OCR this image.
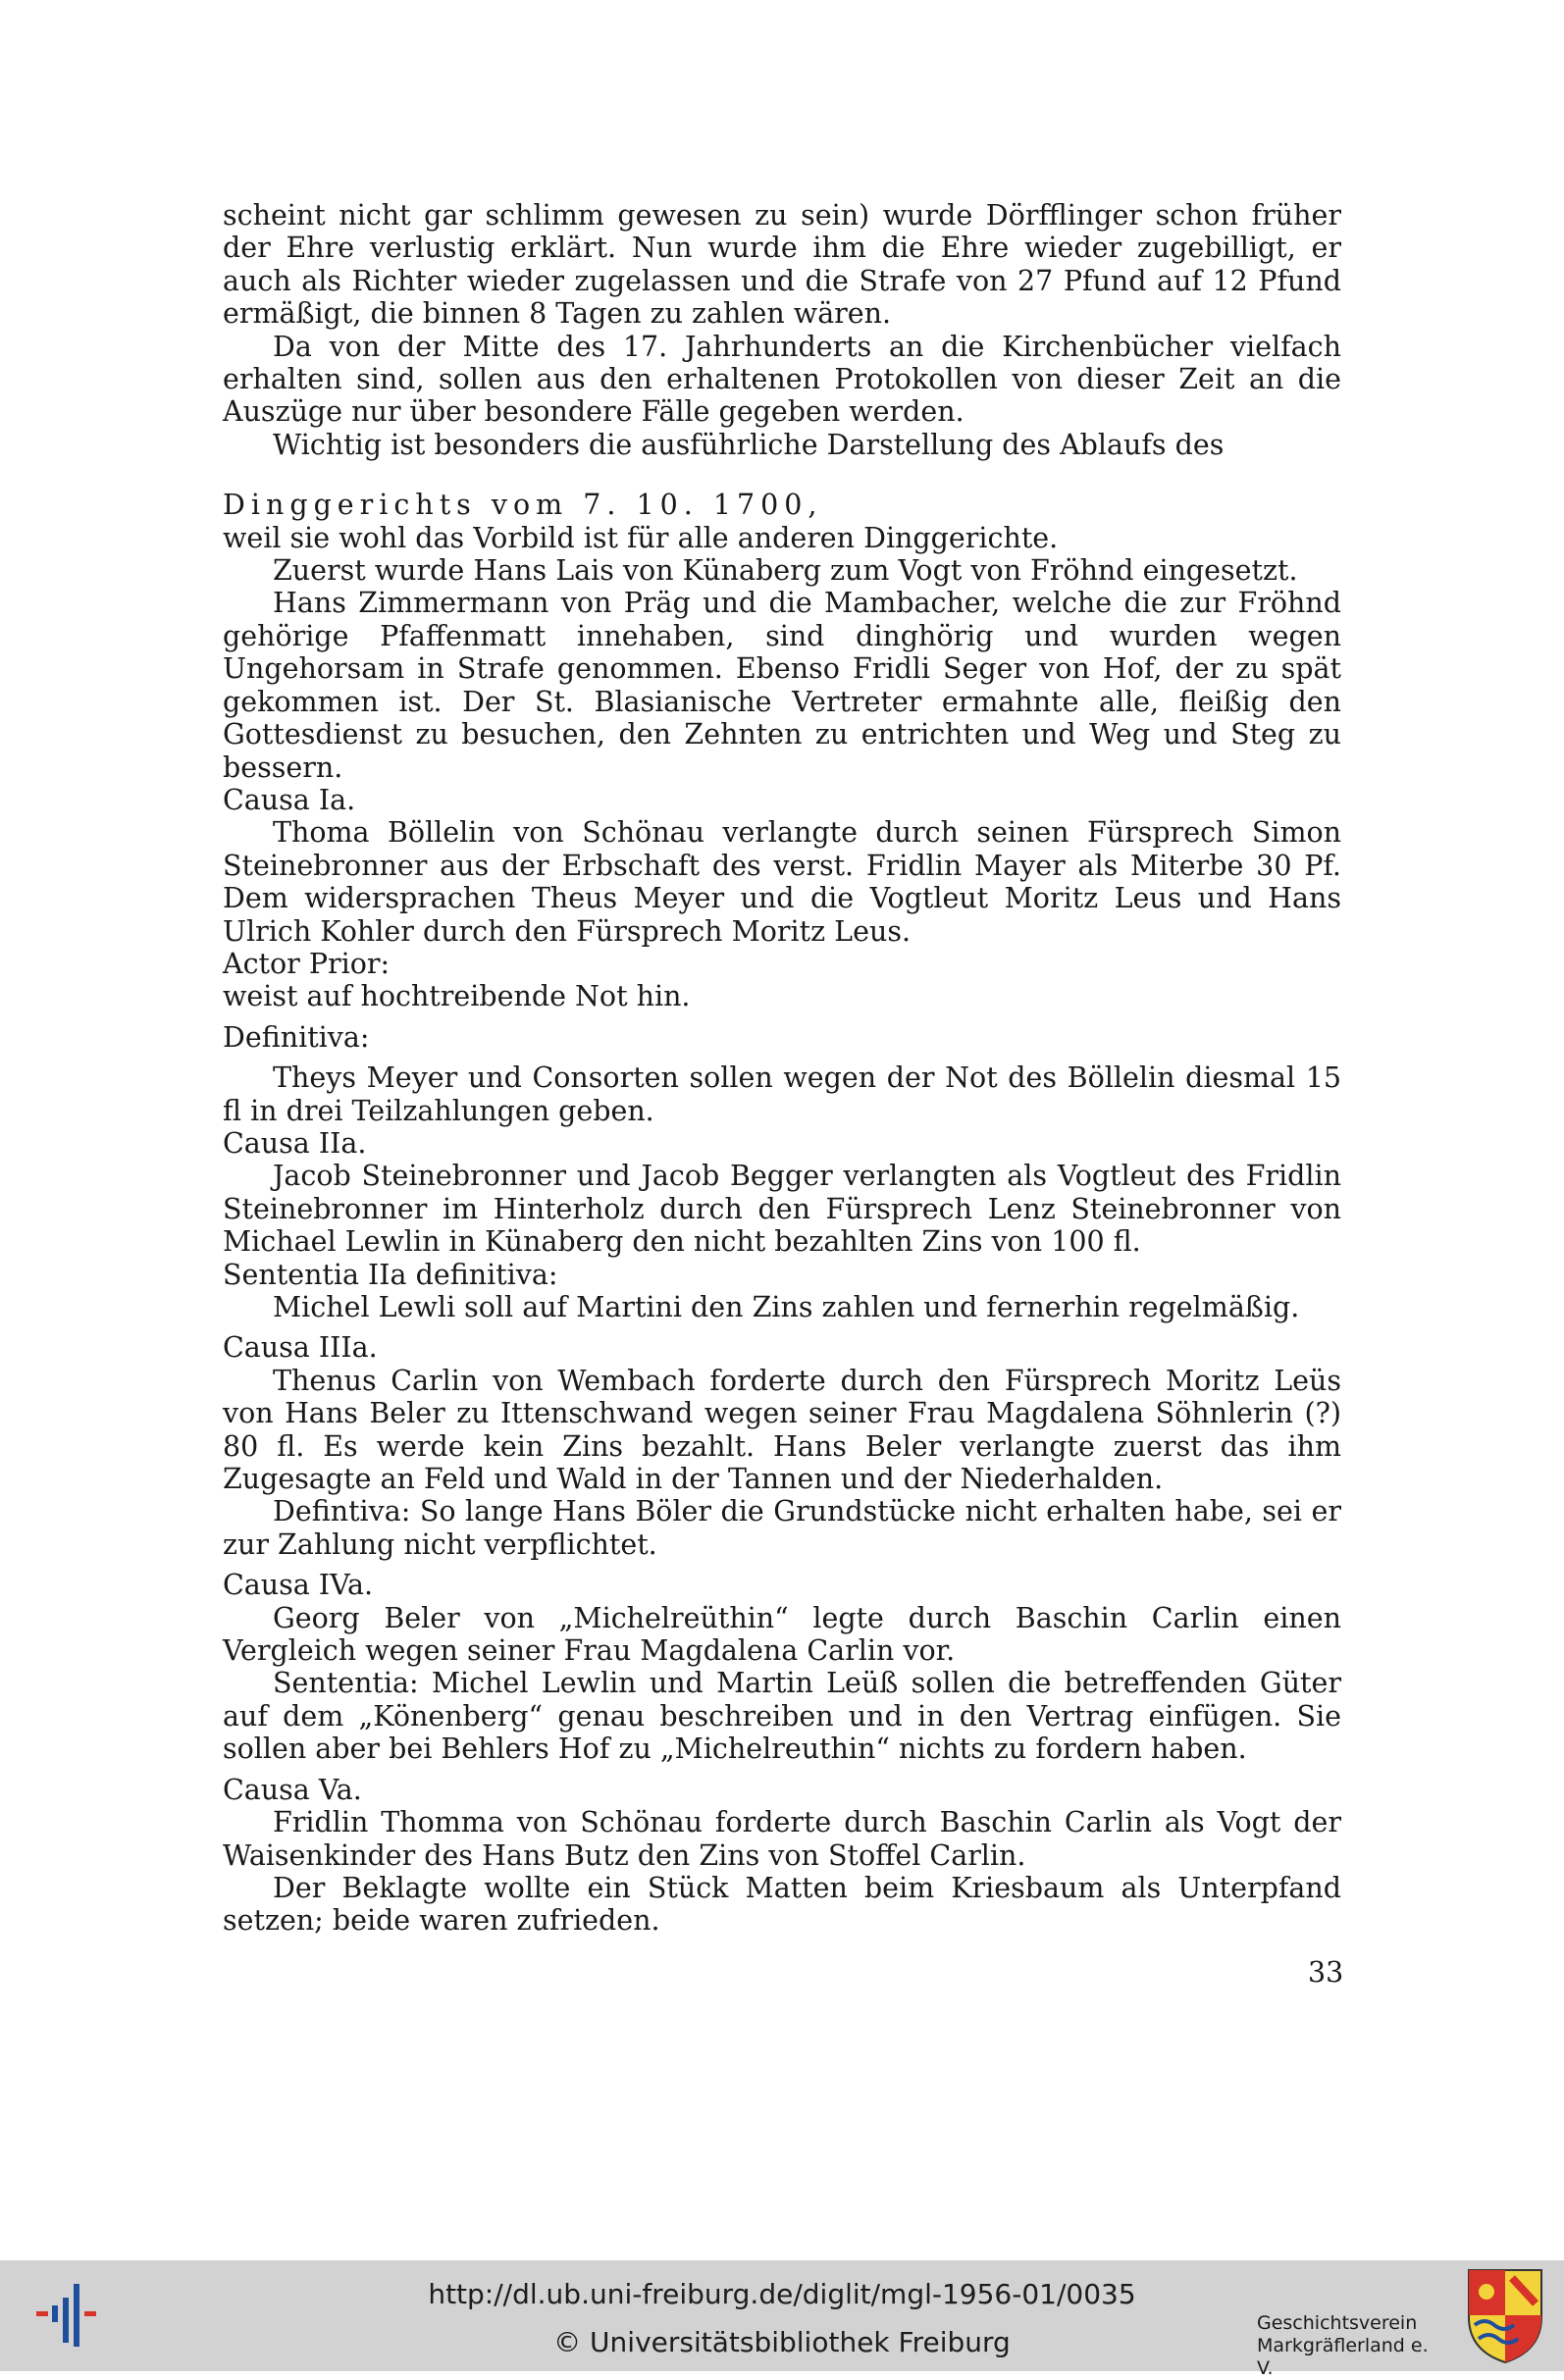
scheint nicht gar schlimm gewesen zu sein) wurde Dörfflinger schon früher der Ehre verlustig erklärt. Nun wurde ihm die Ehre wieder zugebilligt, er auch als Richter wieder zugelassen und die Strafe von 27 Pfund auf 12 Pfund ermäßigt, die binnen 8 Tagen zu zahlen wären.

Da von der Mitte des 17. Jahrhunderts an die Kirchenbücher vielfach erhalten sind, sollen aus den erhaltenen Protokollen von dieser Zeit an die Auszüge nur über besondere Fälle gegeben werden.

Wichtig ist besonders die ausführliche Darstellung des Ablaufs des

Dinggerichts vom 7. 10. 1700,

weil sie wohl das Vorbild ist für alle anderen Dinggerichte.

Zuerst wurde Hans Lais von Künaberg zum Vogt von Fröhnd eingesetzt.

Hans Zimmermann von Präg und die Mambacher, welche die zur Fröhnd gehörige Pfaffenmatt innehaben, sind dinghörig und wurden wegen Ungehorsam in Strafe genommen. Ebenso Fridli Seger von Hof, der zu spät gekommen ist. Der St. Blasianische Vertreter ermahnte alle, fleißig den Gottesdienst zu besuchen, den Zehnten zu entrichten und Weg und Steg zu bessern.

Causa Ia.

Thoma Böllelin von Schönau verlangte durch seinen Fürsprech Simon Steinebronner aus der Erbschaft des verst. Fridlin Mayer als Miterbe 30 Pf. Dem widersprachen Theus Meyer und die Vogtleut Moritz Leus und Hans Ulrich Kohler durch den Fürsprech Moritz Leus.

Actor Prior:

weist auf hochtreibende Not hin.

Definitiva:

Theys Meyer und Consorten sollen wegen der Not des Böllelin diesmal 15 fl in drei Teilzahlungen geben.

Causa IIa.

Jacob Steinebronner und Jacob Begger verlangten als Vogtleut des Fridlin Steinebronner im Hinterholz durch den Fürsprech Lenz Steinebronner von Michael Lewlin in Künaberg den nicht bezahlten Zins von 100 fl.

Sententia IIa definitiva:

Michel Lewli soll auf Martini den Zins zahlen und fernerhin regelmäßig.

Causa IIIa.

Thenus Carlin von Wembach forderte durch den Fürsprech Moritz Leüs von Hans Beler zu Ittenschwand wegen seiner Frau Magdalena Söhnlerin (?) 80 fl. Es werde kein Zins bezahlt. Hans Beler verlangte zuerst das ihm Zugesagte an Feld und Wald in der Tannen und der Niederhalden.

Defintiva: So lange Hans Böler die Grundstücke nicht erhalten habe, sei er zur Zahlung nicht verpflichtet.

Causa IVa.

Georg Beler von „Michelreüthin“ legte durch Baschin Carlin einen Vergleich wegen seiner Frau Magdalena Carlin vor.

Sententia: Michel Lewlin und Martin Leüß sollen die betreffenden Güter auf dem „Könenberg“ genau beschreiben und in den Vertrag einfügen. Sie sollen aber bei Behlers Hof zu „Michelreuthin“ nichts zu fordern haben.

Causa Va.

Fridlin Thomma von Schönau forderte durch Baschin Carlin als Vogt der Waisenkinder des Hans Butz den Zins von Stoffel Carlin.

Der Beklagte wollte ein Stück Matten beim Kriesbaum als Unterpfand setzen; beide waren zufrieden.

33
http://dl.ub.uni-freiburg.de/diglit/mgl-1956-01/0035
© Universitätsbibliothek Freiburg
Geschichtsverein
Markgräflerland e. V.
